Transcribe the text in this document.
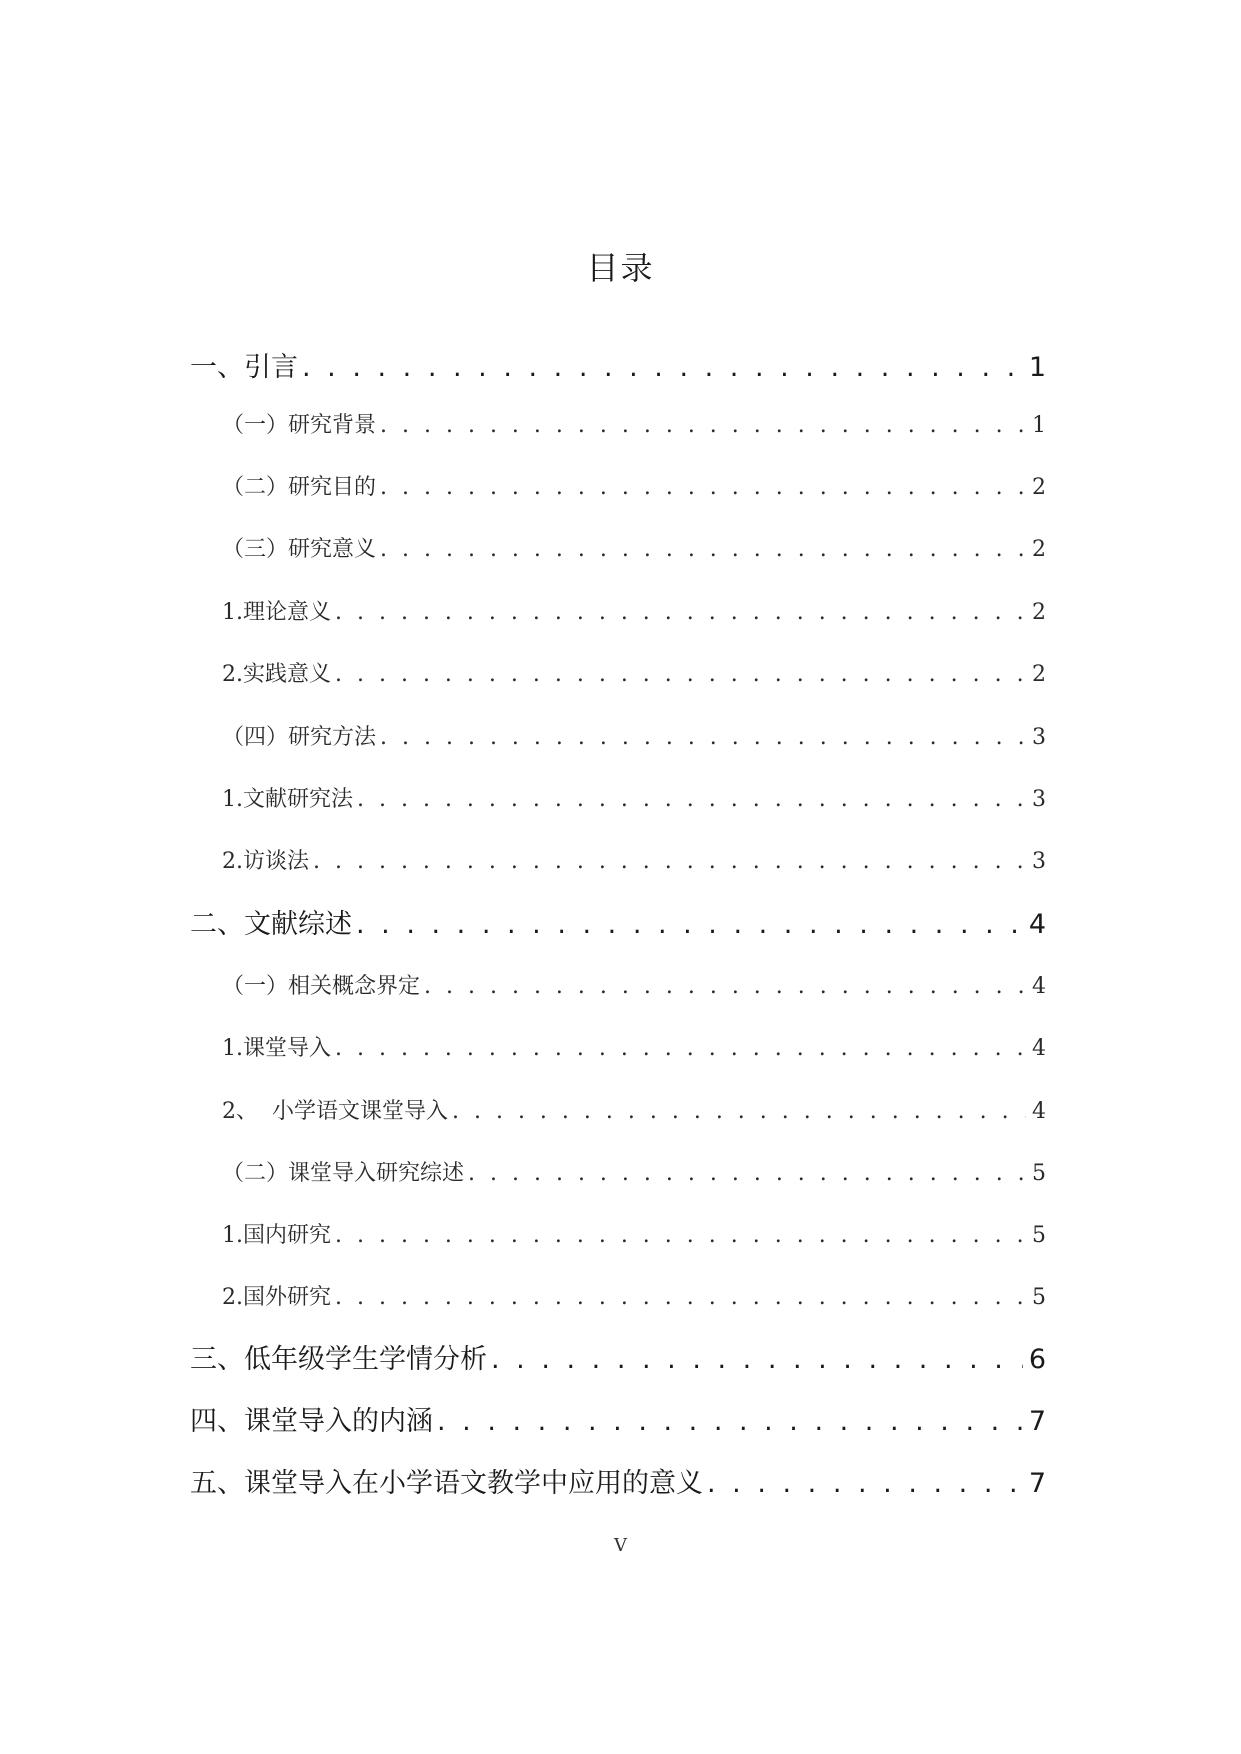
目录
一、引言 . . .	1
（一）研究背景 . . .	1
（二）研究目的 . . .	2
（三）研究意义 . . .	2
1.理论意义 . . .	2
2.实践意义 . . .	2
（四）研究方法 . . .	3
1.文献研究法 . . .	3
2.访谈法 . . .	3
二、文献综述 . . .	4
（一）相关概念界定 . . .	4
1.课堂导入 . . .	4
2、  小学语文课堂导入 . . .	4
（二）课堂导入研究综述 . . .	5
1.国内研究 . . .	5
2.国外研究 . . .	5
三、低年级学生学情分析 . . .	6
四、课堂导入的内涵 . . .	7
五、课堂导入在小学语文教学中应用的意义 . . .	7
V
